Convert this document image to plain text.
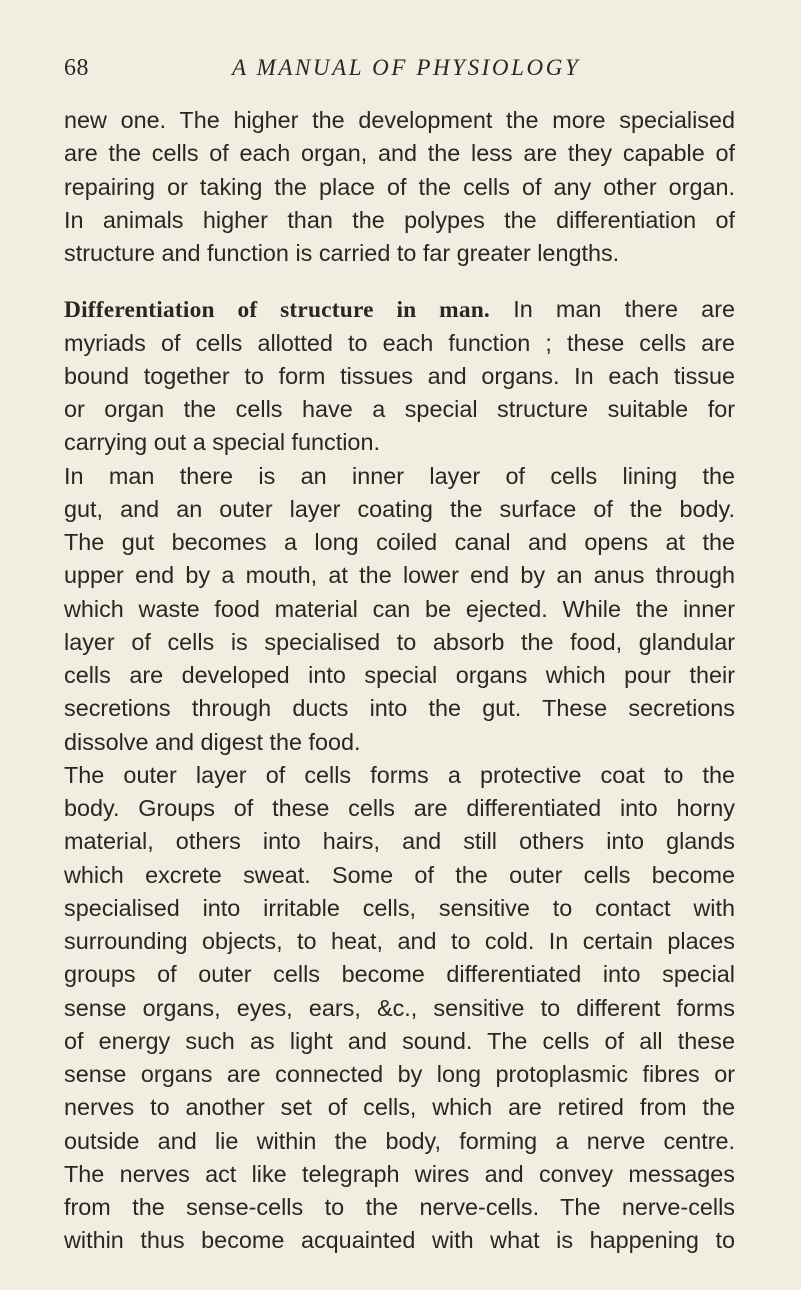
68	A MANUAL OF PHYSIOLOGY
new one. The higher the development the more specialised
are the cells of each organ, and the less are they capable of
repairing or taking the place of the cells of any other organ.
In animals higher than the polypes the differentiation of
structure and function is carried to far greater lengths.
Differentiation of structure in man. In man there are
myriads of cells allotted to each function ; these cells are
bound together to form tissues and organs. In each tissue
or organ the cells have a special structure suitable for
carrying out a special function.
In man there is an inner layer of cells lining the
gut, and an outer layer coating the surface of the body.
The gut becomes a long coiled canal and opens at the
upper end by a mouth, at the lower end by an anus through
which waste food material can be ejected. While the inner
layer of cells is specialised to absorb the food, glandular
cells are developed into special organs which pour their
secretions through ducts into the gut. These secretions
dissolve and digest the food.
The outer layer of cells forms a protective coat to the
body. Groups of these cells are differentiated into horny
material, others into hairs, and still others into glands
which excrete sweat. Some of the outer cells become
specialised into irritable cells, sensitive to contact with
surrounding objects, to heat, and to cold. In certain places
groups of outer cells become differentiated into special
sense organs, eyes, ears, &c., sensitive to different forms
of energy such as light and sound. The cells of all these
sense organs are connected by long protoplasmic fibres or
nerves to another set of cells, which are retired from the
outside and lie within the body, forming a nerve centre.
The nerves act like telegraph wires and convey messages
from the sense-cells to the nerve-cells. The nerve-cells
within thus become acquainted with what is happening to
